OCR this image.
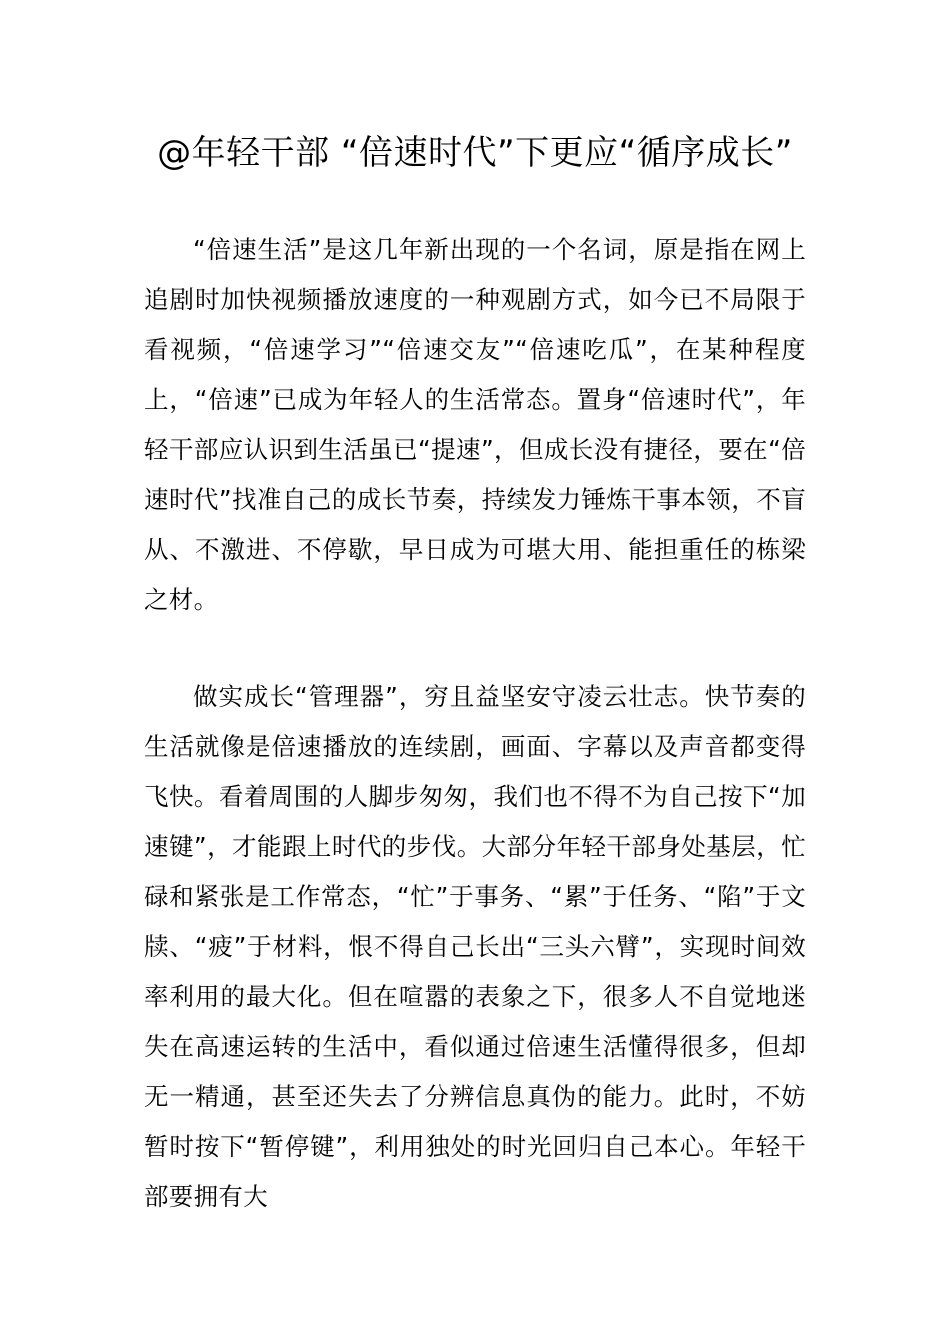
@年轻干部 “倍速时代”下更应“循序成长”

“倍速生活”是这几年新出现的一个名词，原是指在网上追剧时加快视频播放速度的一种观剧方式，如今已不局限于看视频，“倍速学习”“倍速交友”“倍速吃瓜”，在某种程度上，“倍速”已成为年轻人的生活常态。置身“倍速时代”，年轻干部应认识到生活虽已“提速”，但成长没有捷径，要在“倍速时代”找准自己的成长节奏，持续发力锤炼干事本领，不盲从、不激进、不停歇，早日成为可堪大用、能担重任的栋梁之材。

做实成长“管理器”，穷且益坚安守凌云壮志。快节奏的生活就像是倍速播放的连续剧，画面、字幕以及声音都变得飞快。看着周围的人脚步匆匆，我们也不得不为自己按下“加速键”，才能跟上时代的步伐。大部分年轻干部身处基层，忙碌和紧张是工作常态，“忙”于事务、“累”于任务、“陷”于文牍、“疲”于材料，恨不得自己长出“三头六臂”，实现时间效率利用的最大化。但在喧嚣的表象之下，很多人不自觉地迷失在高速运转的生活中，看似通过倍速生活懂得很多，但却无一精通，甚至还失去了分辨信息真伪的能力。此时，不妨暂时按下“暂停键”，利用独处的时光回归自己本心。年轻干部要拥有大
